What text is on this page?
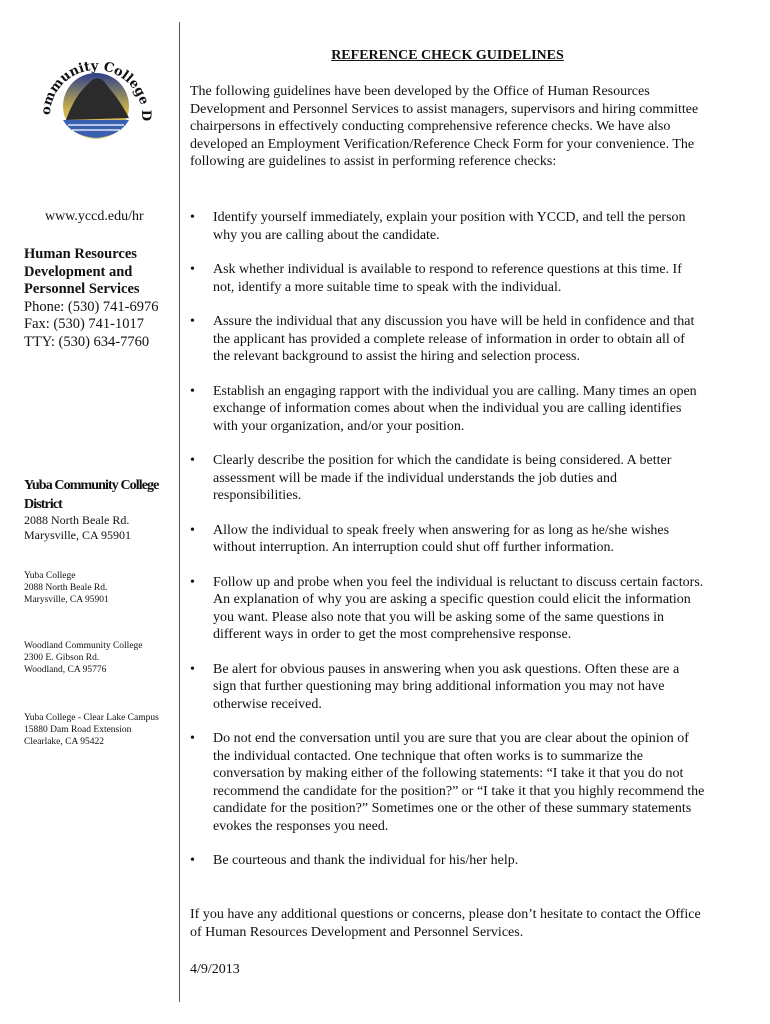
ommunity College D
www.yccd.edu/hr
Human Resources
Development and
Personnel Services
Phone: (530) 741-6976
Fax: (530) 741-1017
TTY: (530) 634-7760
Yuba Community College District
2088 North Beale Rd.
Marysville, CA 95901
Yuba College
2088 North Beale Rd.
Marysville, CA 95901
Woodland Community College
2300 E. Gibson Rd.
Woodland, CA 95776
Yuba College - Clear Lake Campus
15880 Dam Road Extension
Clearlake, CA 95422
REFERENCE CHECK GUIDELINES
The following guidelines have been developed by the Office of Human Resources Development and Personnel Services to assist managers, supervisors and hiring committee chairpersons in effectively conducting comprehensive reference checks. We have also developed an Employment Verification/Reference Check Form for your convenience. The following are guidelines to assist in performing reference checks:
• Identify yourself immediately, explain your position with YCCD, and tell the person why you are calling about the candidate.
• Ask whether individual is available to respond to reference questions at this time. If not, identify a more suitable time to speak with the individual.
• Assure the individual that any discussion you have will be held in confidence and that the applicant has provided a complete release of information in order to obtain all of the relevant background to assist the hiring and selection process.
• Establish an engaging rapport with the individual you are calling. Many times an open exchange of information comes about when the individual you are calling identifies with your organization, and/or your position.
• Clearly describe the position for which the candidate is being considered. A better assessment will be made if the individual understands the job duties and responsibilities.
• Allow the individual to speak freely when answering for as long as he/she wishes without interruption. An interruption could shut off further information.
• Follow up and probe when you feel the individual is reluctant to discuss certain factors. An explanation of why you are asking a specific question could elicit the information you want. Please also note that you will be asking some of the same questions in different ways in order to get the most comprehensive response.
• Be alert for obvious pauses in answering when you ask questions. Often these are a sign that further questioning may bring additional information you may not have otherwise received.
• Do not end the conversation until you are sure that you are clear about the opinion of the individual contacted. One technique that often works is to summarize the conversation by making either of the following statements: “I take it that you do not recommend the candidate for the position?” or “I take it that you highly recommend the candidate for the position?” Sometimes one or the other of these summary statements evokes the responses you need.
• Be courteous and thank the individual for his/her help.
If you have any additional questions or concerns, please don’t hesitate to contact the Office of Human Resources Development and Personnel Services.
4/9/2013
